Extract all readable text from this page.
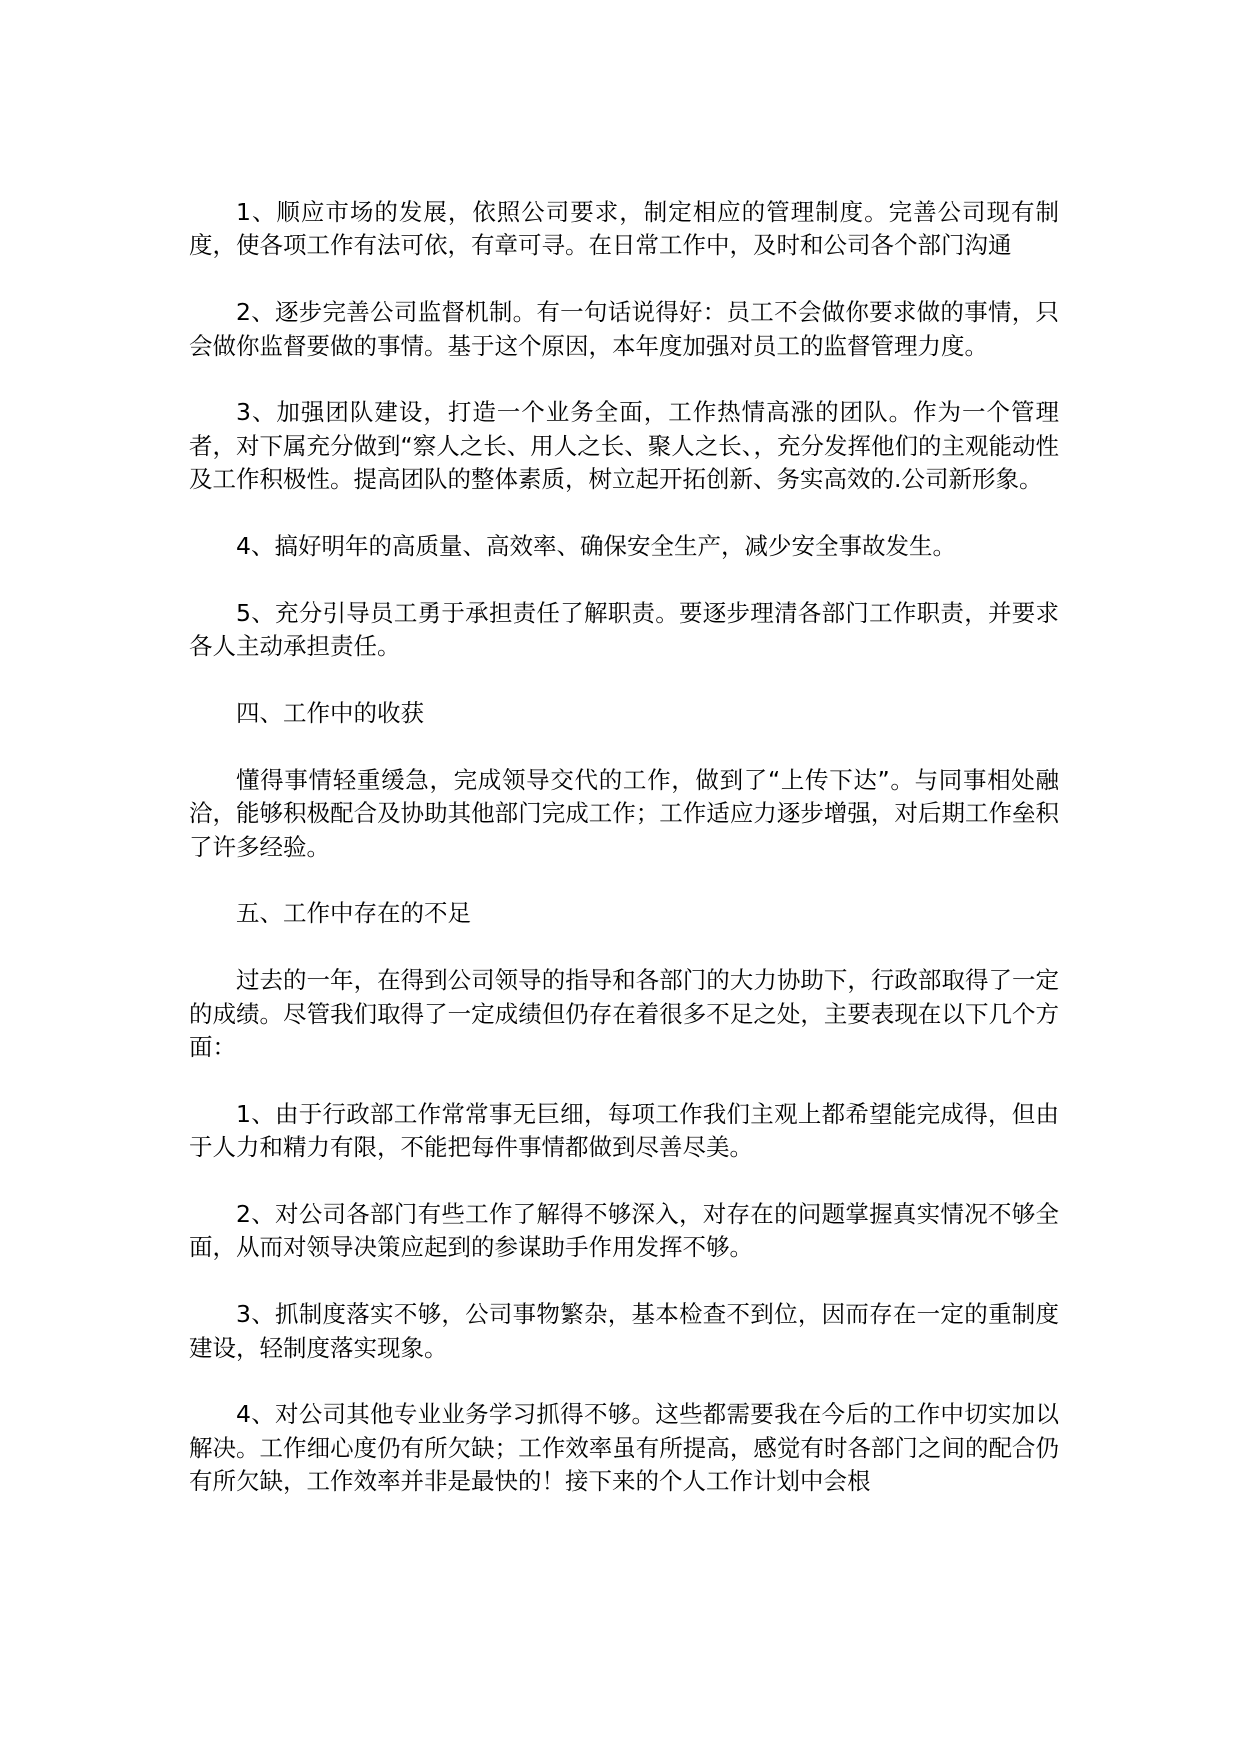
1、顺应市场的发展，依照公司要求，制定相应的管理制度。完善公司现有制度，使各项工作有法可依，有章可寻。在日常工作中，及时和公司各个部门沟通

2、逐步完善公司监督机制。有一句话说得好：员工不会做你要求做的事情，只会做你监督要做的事情。基于这个原因，本年度加强对员工的监督管理力度。

3、加强团队建设，打造一个业务全面，工作热情高涨的团队。作为一个管理者，对下属充分做到“察人之长、用人之长、聚人之长、，充分发挥他们的主观能动性及工作积极性。提高团队的整体素质，树立起开拓创新、务实高效的.公司新形象。

4、搞好明年的高质量、高效率、确保安全生产，减少安全事故发生。

5、充分引导员工勇于承担责任了解职责。要逐步理清各部门工作职责，并要求各人主动承担责任。

四、工作中的收获

懂得事情轻重缓急，完成领导交代的工作，做到了“上传下达”。与同事相处融洽，能够积极配合及协助其他部门完成工作；工作适应力逐步增强，对后期工作垒积了许多经验。

五、工作中存在的不足

过去的一年，在得到公司领导的指导和各部门的大力协助下，行政部取得了一定的成绩。尽管我们取得了一定成绩但仍存在着很多不足之处，主要表现在以下几个方面：

1、由于行政部工作常常事无巨细，每项工作我们主观上都希望能完成得，但由于人力和精力有限，不能把每件事情都做到尽善尽美。

2、对公司各部门有些工作了解得不够深入，对存在的问题掌握真实情况不够全面，从而对领导决策应起到的参谋助手作用发挥不够。

3、抓制度落实不够，公司事物繁杂，基本检查不到位，因而存在一定的重制度建设，轻制度落实现象。

4、对公司其他专业业务学习抓得不够。这些都需要我在今后的工作中切实加以解决。工作细心度仍有所欠缺；工作效率虽有所提高，感觉有时各部门之间的配合仍有所欠缺，工作效率并非是最快的！接下来的个人工作计划中会根
